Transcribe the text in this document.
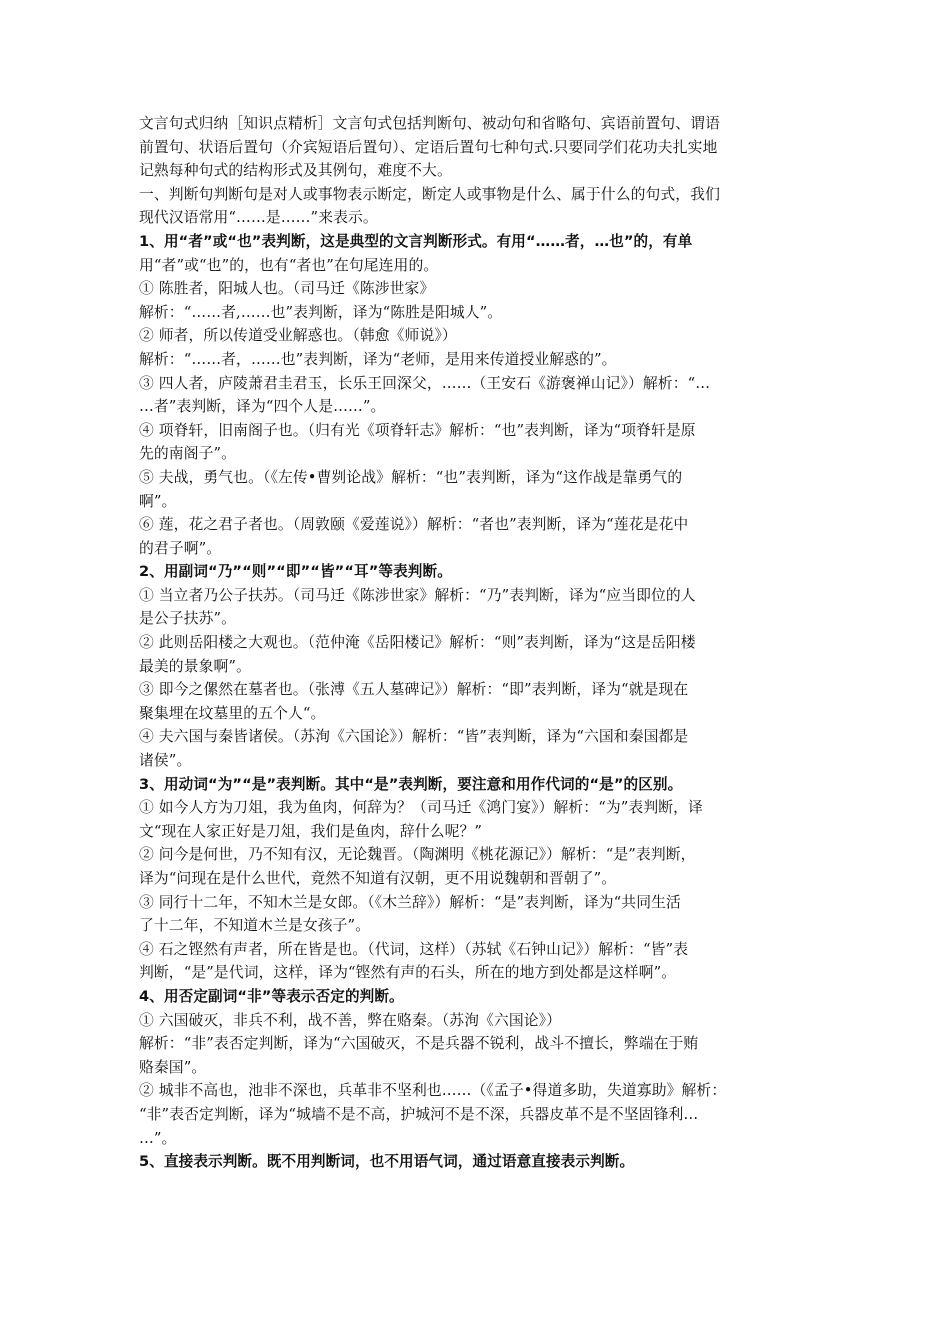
文言句式归纳［知识点精析］文言句式包括判断句、被动句和省略句、宾语前置句、谓语
前置句、状语后置句（介宾短语后置句）、定语后置句七种句式.只要同学们花功夫扎实地
记熟每种句式的结构形式及其例句，难度不大。
一、判断句判断句是对人或事物表示断定，断定人或事物是什么、属于什么的句式，我们
现代汉语常用“……是……”来表示。
1、用“者”或“也”表判断，这是典型的文言判断形式。有用“……者，…也”的，有单
用“者”或“也”的，也有“者也”在句尾连用的。
① 陈胜者，阳城人也。（司马迁《陈涉世家》
解析：“……者,……也”表判断，译为“陈胜是阳城人”。
② 师者，所以传道受业解惑也。（韩愈《师说》）
解析：“……者，……也”表判断，译为“老师，是用来传道授业解惑的”。
③ 四人者，庐陵萧君圭君玉，长乐王回深父，……（王安石《游褒禅山记》）解析：“…
…者”表判断，译为“四个人是……”。
④ 项脊轩，旧南阁子也。（归有光《项脊轩志》解析：“也”表判断，译为“项脊轩是原
先的南阁子”。
⑤ 夫战，勇气也。（《左传•曹刿论战》解析：“也”表判断，译为“这作战是靠勇气的
啊”。
⑥ 莲，花之君子者也。（周敦颐《爱莲说》）解析：“者也”表判断，译为“莲花是花中
的君子啊”。
2、用副词“乃”“则”“即”“皆”“耳”等表判断。
① 当立者乃公子扶苏。（司马迁《陈涉世家》解析：“乃”表判断，译为“应当即位的人
是公子扶苏”。
② 此则岳阳楼之大观也。（范仲淹《岳阳楼记》解析：“则”表判断，译为“这是岳阳楼
最美的景象啊”。
③ 即今之傫然在墓者也。（张溥《五人墓碑记》）解析：“即”表判断，译为“就是现在
聚集埋在坟墓里的五个人“。
④ 夫六国与秦皆诸侯。（苏洵《六国论》）解析：“皆”表判断，译为“六国和秦国都是
诸侯”。
3、用动词“为”“是”表判断。其中“是”表判断，要注意和用作代词的“是”的区别。
① 如今人方为刀俎，我为鱼肉，何辞为？（司马迁《鸿门宴》）解析：“为”表判断，译
文“现在人家正好是刀俎，我们是鱼肉，辞什么呢？”
② 问今是何世，乃不知有汉，无论魏晋。（陶渊明《桃花源记》）解析：“是”表判断，
译为“问现在是什么世代，竟然不知道有汉朝，更不用说魏朝和晋朝了”。
③ 同行十二年，不知木兰是女郎。（《木兰辞》）解析：“是”表判断，译为“共同生活
了十二年，不知道木兰是女孩子”。
④ 石之铿然有声者，所在皆是也。（代词，这样）（苏轼《石钟山记》）解析：“皆”表
判断，“是”是代词，这样，译为“铿然有声的石头，所在的地方到处都是这样啊”。
4、用否定副词“非”等表示否定的判断。
① 六国破灭，非兵不利，战不善，弊在赂秦。（苏洵《六国论》）
解析：“非”表否定判断，译为“六国破灭，不是兵器不锐利，战斗不擅长，弊端在于贿
赂秦国”。
② 城非不高也，池非不深也，兵革非不坚利也……（《孟子•得道多助，失道寡助》解析：
“非”表否定判断，译为“城墙不是不高，护城河不是不深，兵器皮革不是不坚固锋利…
…”。
5、直接表示判断。既不用判断词，也不用语气词，通过语意直接表示判断。
